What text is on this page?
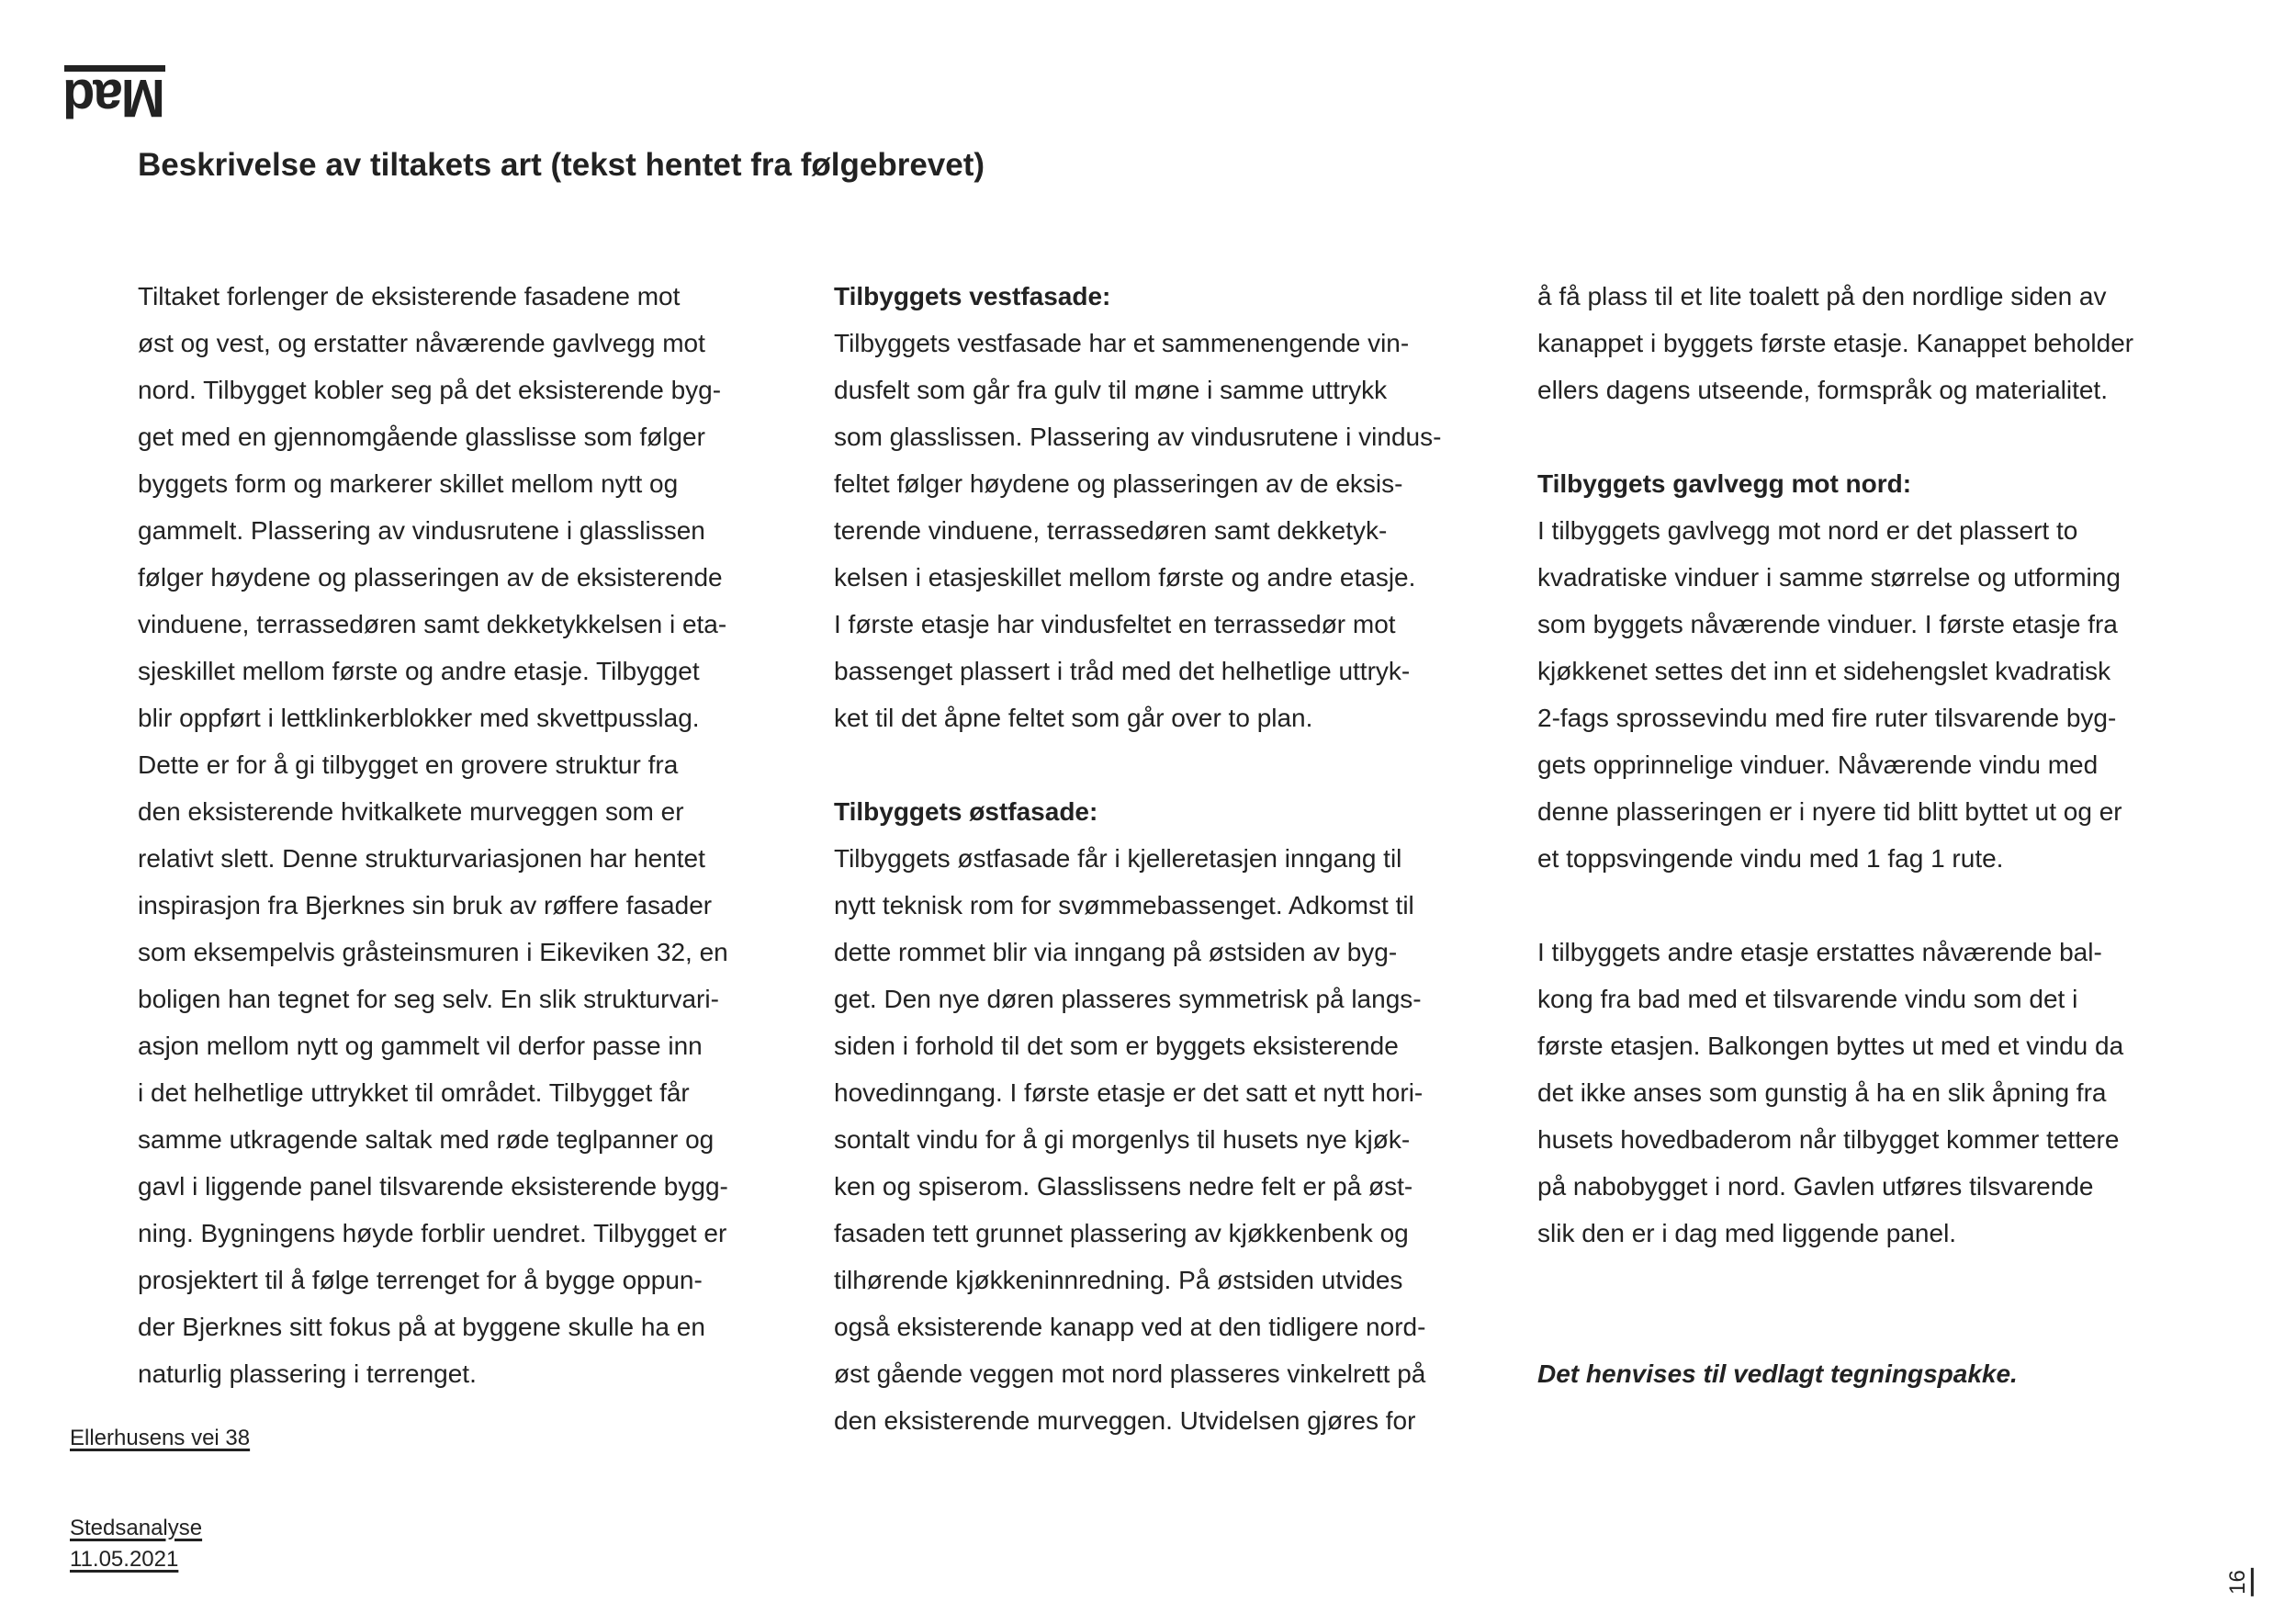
Mad
Beskrivelse av tiltakets art (tekst hentet fra følgebrevet)
Tiltaket forlenger de eksisterende fasadene mot
øst og vest, og erstatter nåværende gavlvegg mot
nord. Tilbygget kobler seg på det eksisterende byg-
get med en gjennomgående glasslisse som følger
byggets form og markerer skillet mellom nytt og
gammelt. Plassering av vindusrutene i glasslissen
følger høydene og plasseringen av de eksisterende
vinduene, terrassedøren samt dekketykkelsen i eta-
sjeskillet mellom første og andre etasje. Tilbygget
blir oppført i lettklinkerblokker med skvettpusslag.
Dette er for å gi tilbygget en grovere struktur fra
den eksisterende hvitkalkete murveggen som er
relativt slett. Denne strukturvariasjonen har hentet
inspirasjon fra Bjerknes sin bruk av røffere fasader
som eksempelvis gråsteinsmuren i Eikeviken 32, en
boligen han tegnet for seg selv. En slik strukturvari-
asjon mellom nytt og gammelt vil derfor passe inn
i det helhetlige uttrykket til området. Tilbygget får
samme utkragende saltak med røde teglpanner og
gavl i liggende panel tilsvarende eksisterende bygg-
ning. Bygningens høyde forblir uendret. Tilbygget er
prosjektert til å følge terrenget for å bygge oppun-
der Bjerknes sitt fokus på at byggene skulle ha en
naturlig plassering i terrenget.
Tilbyggets vestfasade:
Tilbyggets vestfasade har et sammenengende vin-
dusfelt som går fra gulv til møne i samme uttrykk
som glasslissen. Plassering av vindusrutene i vindus-
feltet følger høydene og plasseringen av de eksis-
terende vinduene, terrassedøren samt dekketyk-
kelsen i etasjeskillet mellom første og andre etasje.
I første etasje har vindusfeltet en terrassedør mot
bassenget plassert i tråd med det helhetlige uttryk-
ket til det åpne feltet som går over to plan.
Tilbyggets østfasade:
Tilbyggets østfasade får i kjelleretasjen inngang til
nytt teknisk rom for svømmebassenget. Adkomst til
dette rommet blir via inngang på østsiden av byg-
get. Den nye døren plasseres symmetrisk på langs-
siden i forhold til det som er byggets eksisterende
hovedinngang. I første etasje er det satt et nytt hori-
sontalt vindu for å gi morgenlys til husets nye kjøk-
ken og spiserom. Glasslissens nedre felt er på øst-
fasaden tett grunnet plassering av kjøkkenbenk og
tilhørende kjøkkeninnredning. På østsiden utvides
også eksisterende kanapp ved at den tidligere nord-
øst gående veggen mot nord plasseres vinkelrett på
den eksisterende murveggen. Utvidelsen gjøres for
å få plass til et lite toalett på den nordlige siden av
kanappet i byggets første etasje. Kanappet beholder
ellers dagens utseende, formspråk og materialitet.
Tilbyggets gavlvegg mot nord:
I tilbyggets gavlvegg mot nord er det plassert to
kvadratiske vinduer i samme størrelse og utforming
som byggets nåværende vinduer. I første etasje fra
kjøkkenet settes det inn et sidehengslet kvadratisk
2-fags sprossevindu med fire ruter tilsvarende byg-
gets opprinnelige vinduer. Nåværende vindu med
denne plasseringen er i nyere tid blitt byttet ut og er
et toppsvingende vindu med 1 fag 1 rute.
I tilbyggets andre etasje erstattes nåværende bal-
kong fra bad med et tilsvarende vindu som det i
første etasjen. Balkongen byttes ut med et vindu da
det ikke anses som gunstig å ha en slik åpning fra
husets hovedbaderom når tilbygget kommer tettere
på nabobygget i nord. Gavlen utføres tilsvarende
slik den er i dag med liggende panel.
Det henvises til vedlagt tegningspakke.
Ellerhusens vei 38
Stedsanalyse
11.05.2021
16
